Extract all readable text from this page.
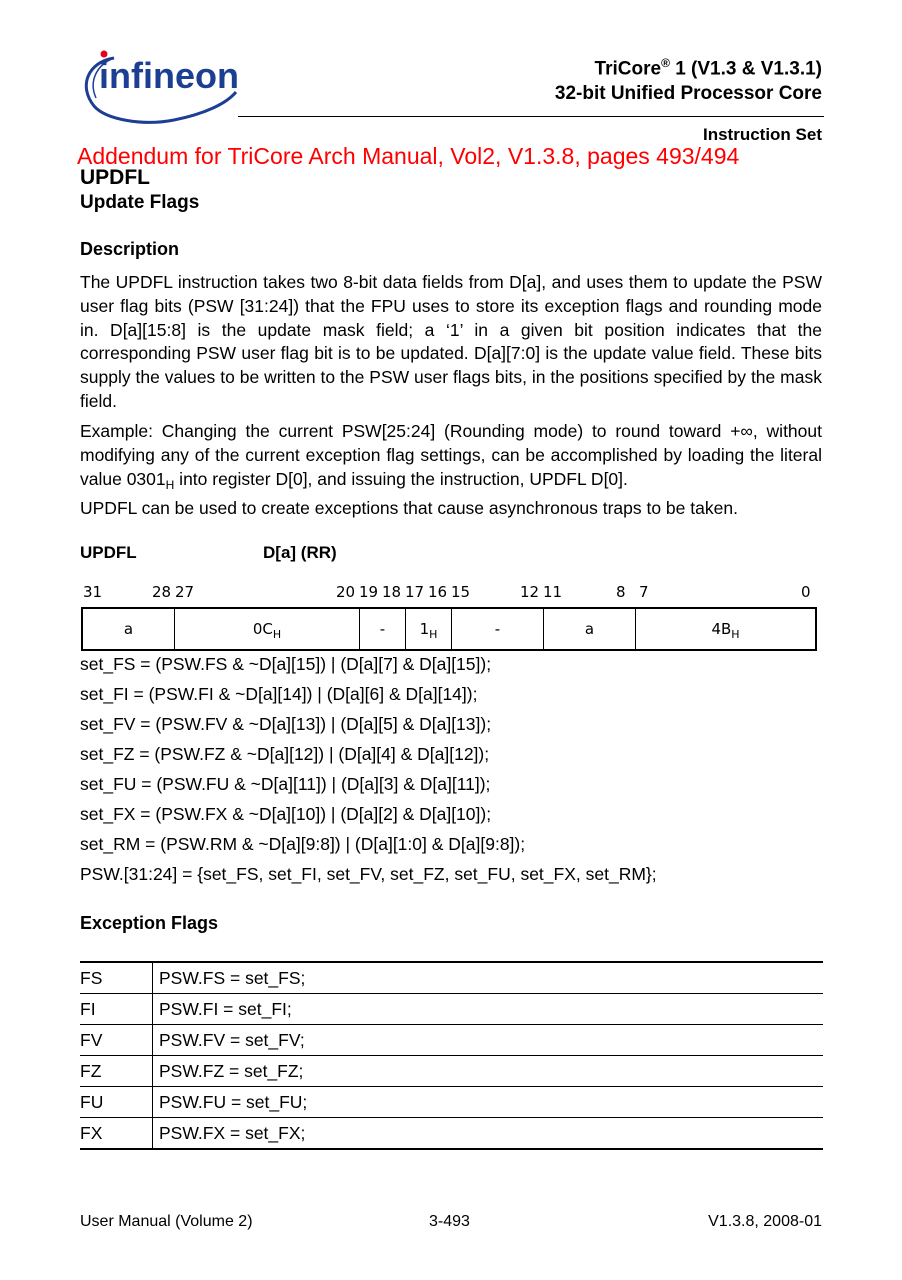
infineon	TriCore® 1 (V1.3 & V1.3.1)
32-bit Unified Processor Core
Instruction Set
Addendum for TriCore Arch Manual, Vol2, V1.3.8, pages 493/494
UPDFL
Update Flags
Description
The UPDFL instruction takes two 8-bit data fields from D[a], and uses them to update the PSW user flag bits (PSW [31:24]) that the FPU uses to store its exception flags and rounding mode in. D[a][15:8] is the update mask field; a ‘1’ in a given bit position indicates that the corresponding PSW user flag bit is to be updated. D[a][7:0] is the update value field. These bits supply the values to be written to the PSW user flags bits, in the positions specified by the mask field.
Example: Changing the current PSW[25:24] (Rounding mode) to round toward +∞, without modifying any of the current exception flag settings, can be accomplished by loading the literal value $0301_H$ into register D[0], and issuing the instruction, UPDFL D[0].
UPDFL can be used to create exceptions that cause asynchronous traps to be taken.
UPDFL	D[a] (RR)
31	28 27	20 19 18 17 16 15	12 11	8 7	0
a	$0C_H$	-	$1_H$	-	a	$4B_H$
set_FS = (PSW.FS & ~D[a][15]) | (D[a][7] & D[a][15]);
set_FI = (PSW.FI & ~D[a][14]) | (D[a][6] & D[a][14]);
set_FV = (PSW.FV & ~D[a][13]) | (D[a][5] & D[a][13]);
set_FZ = (PSW.FZ & ~D[a][12]) | (D[a][4] & D[a][12]);
set_FU = (PSW.FU & ~D[a][11]) | (D[a][3] & D[a][11]);
set_FX = (PSW.FX & ~D[a][10]) | (D[a][2] & D[a][10]);
set_RM = (PSW.RM & ~D[a][9:8]) | (D[a][1:0] & D[a][9:8]);
PSW.[31:24] = {set_FS, set_FI, set_FV, set_FZ, set_FU, set_FX, set_RM};
Exception Flags
FS	PSW.FS = set_FS;
FI	PSW.FI = set_FI;
FV	PSW.FV = set_FV;
FZ	PSW.FZ = set_FZ;
FU	PSW.FU = set_FU;
FX	PSW.FX = set_FX;
User Manual (Volume 2)	3-493	V1.3.8, 2008-01
